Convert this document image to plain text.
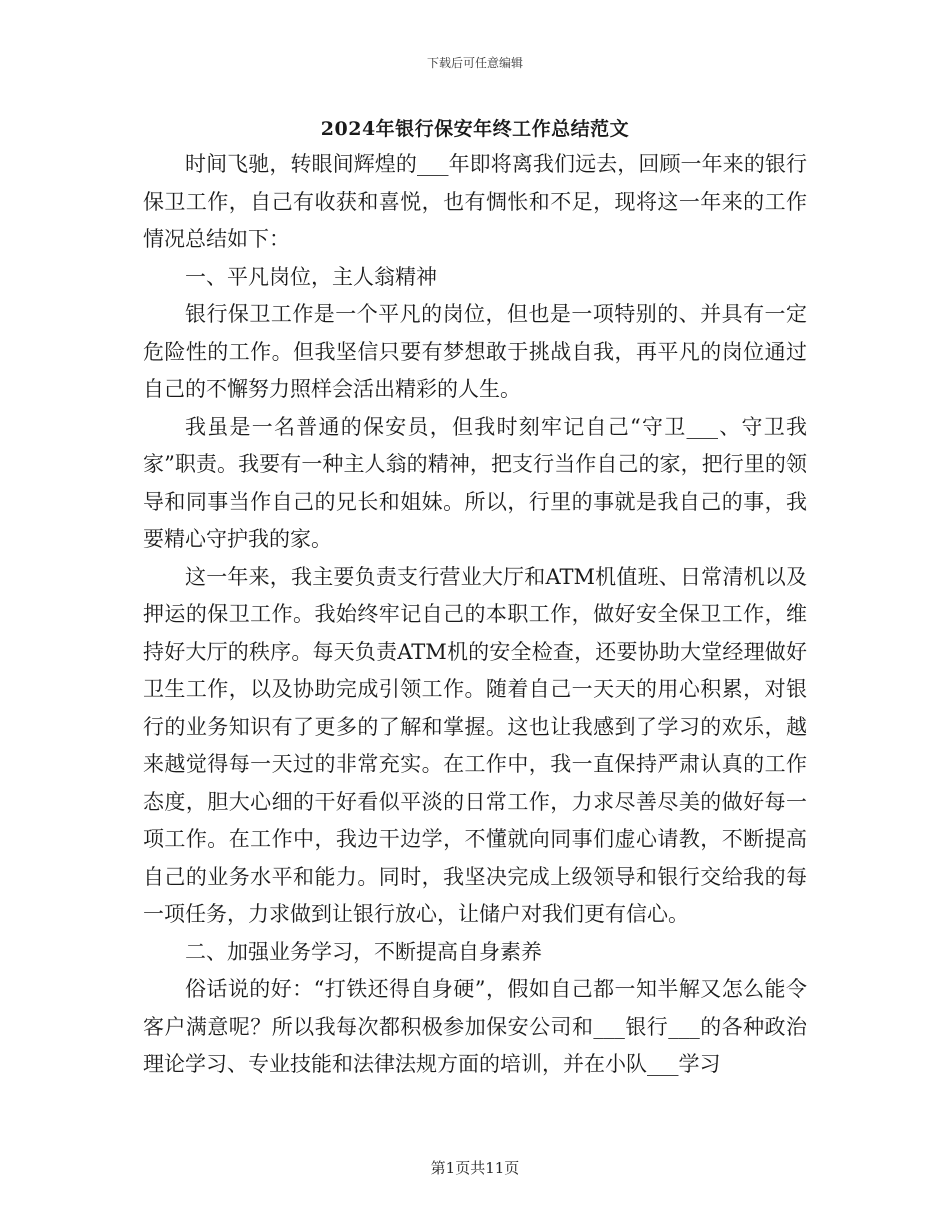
下载后可任意编辑
2024年银行保安年终工作总结范文

时间飞驰，转眼间辉煌的___年即将离我们远去，回顾一年来的银行保卫工作，自己有收获和喜悦，也有惆怅和不足，现将这一年来的工作情况总结如下：

一、平凡岗位，主人翁精神

银行保卫工作是一个平凡的岗位，但也是一项特别的、并具有一定危险性的工作。但我坚信只要有梦想敢于挑战自我，再平凡的岗位通过自己的不懈努力照样会活出精彩的人生。

我虽是一名普通的保安员，但我时刻牢记自己“守卫___、守卫我家”职责。我要有一种主人翁的精神，把支行当作自己的家，把行里的领导和同事当作自己的兄长和姐妹。所以，行里的事就是我自己的事，我要精心守护我的家。

这一年来，我主要负责支行营业大厅和ATM机值班、日常清机以及押运的保卫工作。我始终牢记自己的本职工作，做好安全保卫工作，维持好大厅的秩序。每天负责ATM机的安全检查，还要协助大堂经理做好卫生工作，以及协助完成引领工作。随着自己一天天的用心积累，对银行的业务知识有了更多的了解和掌握。这也让我感到了学习的欢乐，越来越觉得每一天过的非常充实。在工作中，我一直保持严肃认真的工作态度，胆大心细的干好看似平淡的日常工作，力求尽善尽美的做好每一项工作。在工作中，我边干边学，不懂就向同事们虚心请教，不断提高自己的业务水平和能力。同时，我坚决完成上级领导和银行交给我的每一项任务，力求做到让银行放心，让储户对我们更有信心。

二、加强业务学习，不断提高自身素养

俗话说的好：“打铁还得自身硬”，假如自己都一知半解又怎么能令客户满意呢？所以我每次都积极参加保安公司和___银行___的各种政治理论学习、专业技能和法律法规方面的培训，并在小队___学习

第1页共11页
